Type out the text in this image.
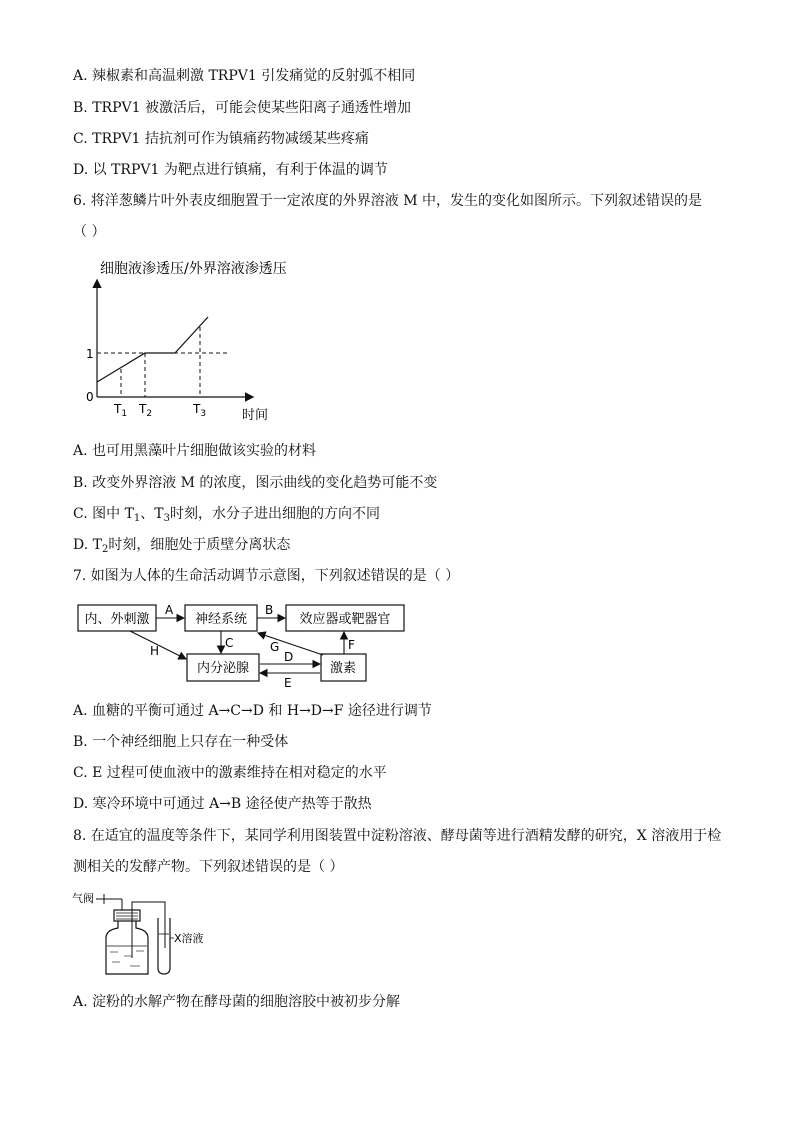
A. 辣椒素和高温刺激 TRPV1 引发痛觉的反射弧不相同
B. TRPV1 被激活后，可能会使某些阳离子通透性增加
C. TRPV1 拮抗剂可作为镇痛药物减缓某些疼痛
D. 以 TRPV1 为靶点进行镇痛，有利于体温的调节
6. 将洋葱鳞片叶外表皮细胞置于一定浓度的外界溶液 M 中，发生的变化如图所示。下列叙述错误的是
（ ）
细胞液渗透压/外界溶液渗透压
0
1
$T_1$ $T_2$	$T_3$	时间
A. 也可用黑藻叶片细胞做该实验的材料
B. 改变外界溶液 M 的浓度，图示曲线的变化趋势可能不变
C. 图中 $T_1$、$T_3$时刻，水分子进出细胞的方向不同
D. $T_2$时刻，细胞处于质壁分离状态
7. 如图为人体的生命活动调节示意图，下列叙述错误的是（ ）
内、外刺激	神经系统	效应器或靶器官
内分泌腺	激素
A	B
C
H	D
E
G	F
A. 血糖的平衡可通过 A→C→D 和 H→D→F 途径进行调节
B. 一个神经细胞上只存在一种受体
C. E 过程可使血液中的激素维持在相对稳定的水平
D. 寒冷环境中可通过 A→B 途径使产热等于散热
8. 在适宜的温度等条件下，某同学利用图装置中淀粉溶液、酵母菌等进行酒精发酵的研究，X 溶液用于检
测相关的发酵产物。下列叙述错误的是（ ）
气阀
X溶液
A. 淀粉的水解产物在酵母菌的细胞溶胶中被初步分解
